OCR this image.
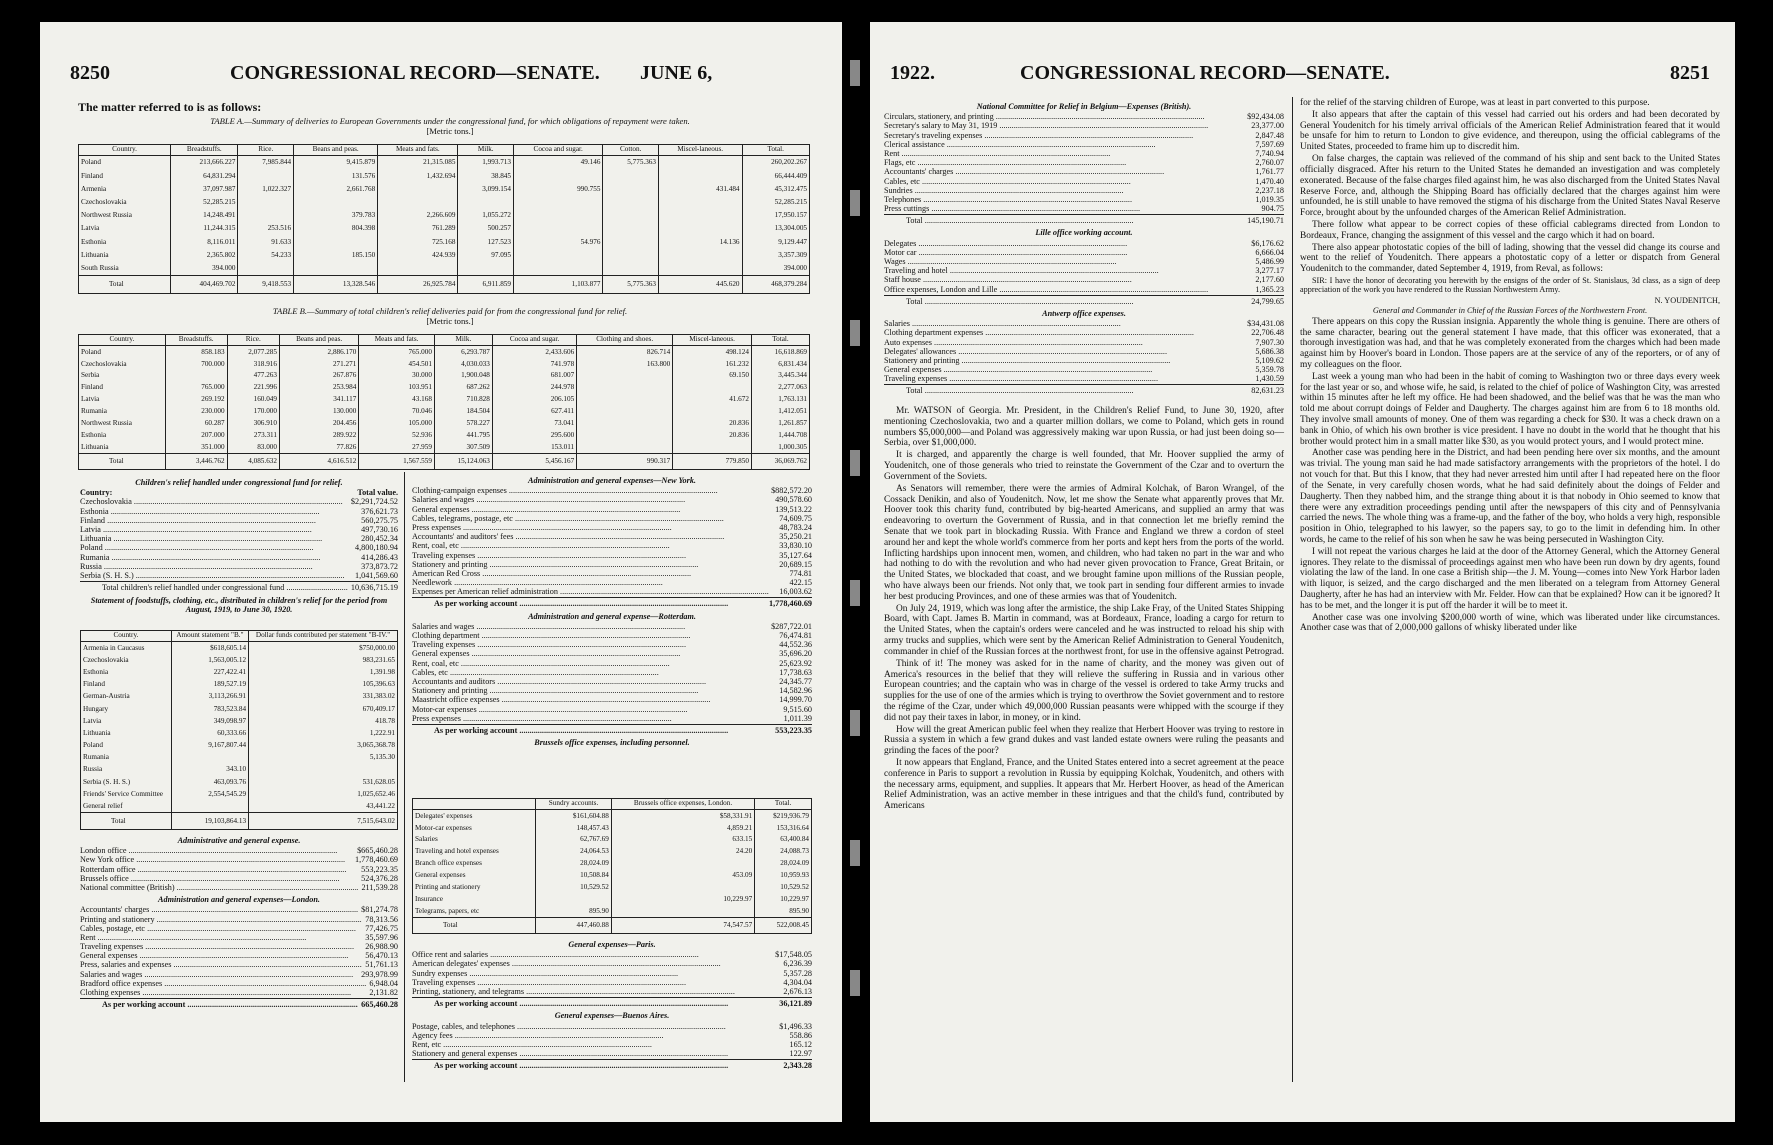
8250	CONGRESSIONAL RECORD—SENATE. JUNE 6,
The matter referred to is as follows:
TABLE A.—Summary of deliveries to European Governments under the congressional fund, for which obligations of repayment were taken.
[Metric tons.]
Country.	Breadstuffs.	Rice.	Beans and peas.	Meats and fats.	Milk.	Cocoa and sugar.	Cotton.	Miscel-laneous.	Total.
Poland	213,666.227	7,985.844	9,415.879	21,315.085	1,993.713	49.146	5,775.363		260,202.267
Finland	64,831.294		131.576	1,432.694	38.845				66,444.409
Armenia	37,097.987	1,022.327	2,661.768		3,099.154	990.755		431.484	45,312.475
Czechoslovakia	52,285.215								52,285.215
Northwest Russia	14,248.491		379.783	2,266.609	1,055.272				17,950.157
Latvia	11,244.315	253.516	804.398	761.289	500.257				13,304.005
Esthonia	8,116.011	91.633		725.168	127.523	54.976		14.136	9,129.447
Lithuania	2,365.802	54.233	185.150	424.939	97.095				3,357.309
South Russia	394.000								394.000
Total	404,469.702	9,418.553	13,328.546	26,925.784	6,911.859	1,103.877	5,775.363	445.620	468,379.284
TABLE B.—Summary of total children's relief deliveries paid for from the congressional fund for relief.
[Metric tons.]
Country.	Breadstuffs.	Rice.	Beans and peas.	Meats and fats.	Milk.	Cocoa and sugar.	Clothing and shoes.	Miscel-laneous.	Total.
Poland	858.183	2,077.285	2,886.170	765.000	6,293.787	2,433.606	826.714	498.124	16,618.869
Czechoslovakia	700.000	318.916	271.271	454.501	4,030.033	741.978	163.800	161.232	6,831.434
Serbia		477.263	267.876	30.000	1,900.048	681.007		69.150	3,445.344
Finland	765.000	221.996	253.984	103.951	687.262	244.978			2,277.063
Latvia	269.192	160.049	341.117	43.168	710.828	206.105		41.672	1,763.131
Rumania	230.000	170.000	130.000	70.046	184.504	627.411			1,412.051
Northwest Russia	60.287	306.910	204.456	105.000	578.227	73.041		20.836	1,261.857
Esthonia	207.000	273.311	289.922	52.936	441.795	295.600		20.836	1,444.708
Lithuania	351.000	83.000	77.826	27.959	307.509	153.011			1,000.305
Total	3,446.762	4,085.632	4,616.512	1,567.559	15,124.063	5,456.167	990.317	779.850	36,069.762
Children's relief handled under congressional fund for relief.
Country:	Total value.
Czechoslovakia .....	$2,291,724.52
Esthonia .....	376,621.73
Finland .....	560,275.75
Latvia .....	497,730.16
Lithuania .....	280,452.34
Poland .....	4,800,180.94
Rumania .....	414,286.43
Russia .....	373,873.72
Serbia (S. H. S.) .....	1,041,569.60
Total children's relief handled under congressional fund .....	10,636,715.19
Statement of foodstuffs, clothing, etc., distributed in children's relief for the period from August, 1919, to June 30, 1920.
Country.	Amount statement "B."	Dollar funds contributed per statement "B-IV."
Armenia in Caucasus	$618,605.14	$750,000.00
Czechoslovakia	1,563,005.12	983,231.65
Esthonia	227,422.41	1,391.98
Finland	189,527.19	105,396.63
German-Austria	3,113,266.91	331,383.02
Hungary	783,523.84	670,409.17
Latvia	349,098.97	418.78
Lithuania	60,333.66	1,222.91
Poland	9,167,807.44	3,065,368.78
Rumania		5,135.30
Russia	343.10	
Serbia (S. H. S.)	463,093.76	531,628.05
Friends' Service Committee	2,554,545.29	1,025,652.46
General relief		43,441.22
Total	19,103,864.13	7,515,643.02
Administrative and general expense.
London office .....	$665,460.28
New York office .....	1,778,460.69
Rotterdam office .....	553,223.35
Brussels office .....	524,376.28
National committee (British) .....	211,539.28
Administration and general expenses—London.
Accountants' charges .....	$81,274.78
Printing and stationery .....	78,313.56
Cables, postage, etc .....	77,426.75
Rent .....	35,597.96
Traveling expenses .....	26,988.90
General expenses .....	56,470.13
Press, salaries and expenses .....	51,761.13
Salaries and wages .....	293,978.99
Bradford office expenses .....	6,948.04
Clothing expenses .....	2,131.82
As per working account .....	665,460.28
Administration and general expenses—New York.
Clothing-campaign expenses .....	$882,572.20
Salaries and wages .....	490,578.60
General expenses .....	139,513.22
Cables, telegrams, postage, etc .....	74,609.75
Press expenses .....	48,783.24
Accountants' and auditors' fees .....	35,250.21
Rent, coal, etc .....	33,830.10
Traveling expenses .....	35,127.64
Stationery and printing .....	20,689.15
American Red Cross .....	774.81
Needlework .....	422.15
Expenses per American relief administration .....	16,003.62
As per working account .....	1,778,460.69
Administration and general expense—Rotterdam.
Salaries and wages .....	$287,722.01
Clothing department .....	76,474.81
Traveling expenses .....	44,552.36
General expenses .....	35,696.20
Rent, coal, etc .....	25,623.92
Cables, etc .....	17,738.63
Accountants and auditors .....	24,345.77
Stationery and printing .....	14,582.96
Maastricht office expenses .....	14,999.70
Motor-car expenses .....	9,515.60
Press expenses .....	1,011.39
As per working account .....	553,223.35
Brussels office expenses, including personnel.
	Sundry accounts.	Brussels office expenses, London.	Total.
Delegates' expenses	$161,604.88	$58,331.91	$219,936.79
Motor-car expenses	148,457.43	4,859.21	153,316.64
Salaries	62,767.69	633.15	63,400.84
Traveling and hotel expenses	24,064.53	24.20	24,088.73
Branch office expenses	28,024.09		28,024.09
General expenses	10,508.84	453.09	10,959.93
Printing and stationery	10,529.52		10,529.52
Insurance		10,229.97	10,229.97
Telegrams, papers, etc	895.90		895.90
Total	447,460.88	74,547.57	522,008.45
General expenses—Paris.
Office rent and salaries .....	$17,548.05
American delegates' expenses .....	6,236.39
Sundry expenses .....	5,357.28
Traveling expenses .....	4,304.04
Printing, stationery, and telegrams .....	2,676.13
As per working account .....	36,121.89
General expenses—Buenos Aires.
Postage, cables, and telephones .....	$1,496.33
Agency fees .....	558.86
Rent, etc .....	165.12
Stationery and general expenses .....	122.97
As per working account .....	2,343.28
1922.	CONGRESSIONAL RECORD—SENATE.	8251
National Committee for Relief in Belgium—Expenses (British).
Circulars, stationery, and printing .....	$92,434.08
Secretary's salary to May 31, 1919 .....	23,377.00
Secretary's traveling expenses .....	2,847.48
Clerical assistance .....	7,597.69
Rent .....	7,740.94
Flags, etc .....	2,760.07
Accountants' charges .....	1,761.77
Cables, etc .....	1,470.40
Sundries .....	2,237.18
Telephones .....	1,019.35
Press cuttings .....	904.75
Total .....	145,190.71
Lille office working account.
Delegates .....	$6,176.62
Motor car .....	6,666.04
Wages .....	5,486.99
Traveling and hotel .....	3,277.17
Staff house .....	2,177.60
Office expenses, London and Lille .....	1,365.23
Total .....	24,799.65
Antwerp office expenses.
Salaries .....	$34,431.08
Clothing department expenses .....	22,706.48
Auto expenses .....	7,907.30
Delegates' allowances .....	5,686.38
Stationery and printing .....	5,109.62
General expenses .....	5,359.78
Traveling expenses .....	1,430.59
Total .....	82,631.23

Mr. WATSON of Georgia. Mr. President, in the Children's Relief Fund, to June 30, 1920, after mentioning Czechoslovakia, two and a quarter million dollars, we come to Poland, which gets in round numbers $5,000,000—and Poland was aggressively making war upon Russia, or had just been doing so—Serbia, over $1,000,000.

It is charged, and apparently the charge is well founded, that Mr. Hoover supplied the army of Youdenitch, one of those generals who tried to reinstate the Government of the Czar and to overturn the Government of the Soviets.

As Senators will remember, there were the armies of Admiral Kolchak, of Baron Wrangel, of the Cossack Denikin, and also of Youdenitch. Now, let me show the Senate what apparently proves that Mr. Hoover took this charity fund, contributed by big-hearted Americans, and supplied an army that was endeavoring to overturn the Government of Russia, and in that connection let me briefly remind the Senate that we took part in blockading Russia. With France and England we threw a cordon of steel around her and kept the whole world's commerce from her ports and kept hers from the ports of the world. Inflicting hardships upon innocent men, women, and children, who had taken no part in the war and who had nothing to do with the revolution and who had never given provocation to France, Great Britain, or the United States, we blockaded that coast, and we brought famine upon millions of the Russian people, who have always been our friends. Not only that, we took part in sending four different armies to invade her best producing Provinces, and one of these armies was that of Youdenitch.

On July 24, 1919, which was long after the armistice, the ship Lake Fray, of the United States Shipping Board, with Capt. James B. Martin in command, was at Bordeaux, France, loading a cargo for return to the United States, when the captain's orders were canceled and he was instructed to reload his ship with army trucks and supplies, which were sent by the American Relief Administration to General Youdenitch, commander in chief of the Russian forces at the northwest front, for use in the offensive against Petrograd.

Think of it! The money was asked for in the name of charity, and the money was given out of America's resources in the belief that they will relieve the suffering in Russia and in various other European countries; and the captain who was in charge of the vessel is ordered to take Army trucks and supplies for the use of one of the armies which is trying to overthrow the Soviet government and to restore the régime of the Czar, under which 49,000,000 Russian peasants were whipped with the scourge if they did not pay their taxes in labor, in money, or in kind.

How will the great American public feel when they realize that Herbert Hoover was trying to restore in Russia a system in which a few grand dukes and vast landed estate owners were ruling the peasants and grinding the faces of the poor?

It now appears that England, France, and the United States entered into a secret agreement at the peace conference in Paris to support a revolution in Russia by equipping Kolchak, Youdenitch, and others with the necessary arms, equipment, and supplies. It appears that Mr. Herbert Hoover, as head of the American Relief Administration, was an active member in these intrigues and that the child's fund, contributed by Americans

for the relief of the starving children of Europe, was at least in part converted to this purpose.

It also appears that after the captain of this vessel had carried out his orders and had been decorated by General Youdenitch for his timely arrival officials of the American Relief Administration feared that it would be unsafe for him to return to London to give evidence, and thereupon, using the official cablegrams of the United States, proceeded to frame him up to discredit him.

On false charges, the captain was relieved of the command of his ship and sent back to the United States officially disgraced. After his return to the United States he demanded an investigation and was completely exonerated. Because of the false charges filed against him, he was also discharged from the United States Naval Reserve Force, and, although the Shipping Board has officially declared that the charges against him were unfounded, he is still unable to have removed the stigma of his discharge from the United States Naval Reserve Force, brought about by the unfounded charges of the American Relief Administration.

There follow what appear to be correct copies of these official cablegrams directed from London to Bordeaux, France, changing the assignment of this vessel and the cargo which it had on board.

There also appear photostatic copies of the bill of lading, showing that the vessel did change its course and went to the relief of Youdenitch. There appears a photostatic copy of a letter or dispatch from General Youdenitch to the commander, dated September 4, 1919, from Reval, as follows:

SIR: I have the honor of decorating you herewith by the ensigns of the order of St. Stanislaus, 3d class, as a sign of deep appreciation of the work you have rendered to the Russian Northwestern Army.

N. YOUDENITCH,

General and Commander in Chief of the Russian Forces of the Northwestern Front.

There appears on this copy the Russian insignia. Apparently the whole thing is genuine. There are others of the same character, bearing out the general statement I have made, that this officer was exonerated, that a thorough investigation was had, and that he was completely exonerated from the charges which had been made against him by Hoover's board in London. Those papers are at the service of any of the reporters, or of any of my colleagues on the floor.

Last week a young man who had been in the habit of coming to Washington two or three days every week for the last year or so, and whose wife, he said, is related to the chief of police of Washington City, was arrested within 15 minutes after he left my office. He had been shadowed, and the belief was that he was the man who told me about corrupt doings of Felder and Daugherty. The charges against him are from 6 to 18 months old. They involve small amounts of money. One of them was regarding a check for $30. It was a check drawn on a bank in Ohio, of which his own brother is vice president. I have no doubt in the world that he thought that his brother would protect him in a small matter like $30, as you would protect yours, and I would protect mine.

Another case was pending here in the District, and had been pending here over six months, and the amount was trivial. The young man said he had made satisfactory arrangements with the proprietors of the hotel. I do not vouch for that. But this I know, that they had never arrested him until after I had repeated here on the floor of the Senate, in very carefully chosen words, what he had said definitely about the doings of Felder and Daugherty. Then they nabbed him, and the strange thing about it is that nobody in Ohio seemed to know that there were any extradition proceedings pending until after the newspapers of this city and of Pennsylvania carried the news. The whole thing was a frame-up, and the father of the boy, who holds a very high, responsible position in Ohio, telegraphed to his lawyer, so the papers say, to go to the limit in defending him. In other words, he came to the relief of his son when he saw he was being persecuted in Washington City.

I will not repeat the various charges he laid at the door of the Attorney General, which the Attorney General ignores. They relate to the dismissal of proceedings against men who have been run down by dry agents, found violating the law of the land. In one case a British ship—the J. M. Young—comes into New York Harbor laden with liquor, is seized, and the cargo discharged and the men liberated on a telegram from Attorney General Daugherty, after he has had an interview with Mr. Felder. How can that be explained? How can it be ignored? It has to be met, and the longer it is put off the harder it will be to meet it.

Another case was one involving $200,000 worth of wine, which was liberated under like circumstances. Another case was that of 2,000,000 gallons of whisky liberated under like
